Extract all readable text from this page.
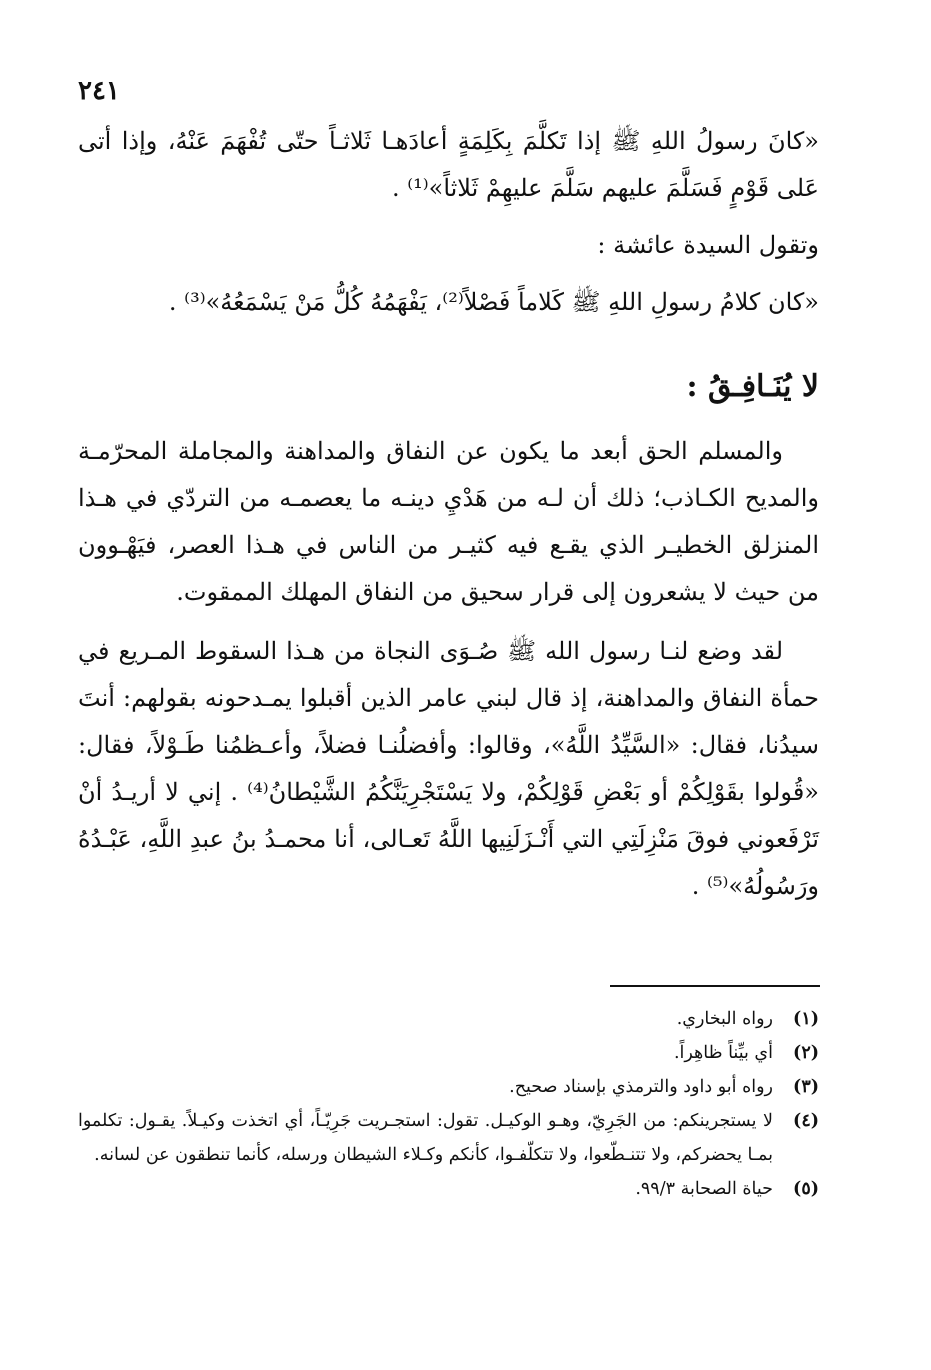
٢٤١

«كانَ رسولُ اللهِ ﷺ إذا تَكلَّمَ بِكَلِمَةٍ أعادَهـا ثَلاثـاً حتّى تُفْهَمَ عَنْهُ، وإذا أتى عَلى قَوْمٍ فَسَلَّمَ عليهم سَلَّمَ عليهِمْ ثَلاثاً»⁽¹⁾ .

وتقول السيدة عائشة :

«كان كلامُ رسولِ اللهِ ﷺ كَلاماً فَصْلاً⁽²⁾، يَفْهَمُهُ كُلُّ مَنْ يَسْمَعُهُ»⁽³⁾ .

لا يُنَـافِـقُ :

والمسلم الحق أبعد ما يكون عن النفاق والمداهنة والمجاملة المحرّمـة والمديح الكـاذب؛ ذلك أن لـه من هَدْيِ دينـه ما يعصمـه من التردّي في هـذا المنزلق الخطيـر الذي يقـع فيه كثيـر من الناس في هـذا العصر، فيَهْـوون من حيث لا يشعرون إلى قرار سحيق من النفاق المهلك الممقوت.

لقد وضع لنـا رسول الله ﷺ صُـوَى النجاة من هـذا السقوط المـريع في حمأة النفاق والمداهنة، إذ قال لبني عامر الذين أقبلوا يمـدحونه بقولهم: أنتَ سيدُنا، فقال: «السَّيِّدُ اللَّهُ»، وقالوا: وأفضلُنـا فضلاً، وأعـظمُنا طَـوْلاً، فقال: «قُولوا بقَوْلِكُمْ أو بَعْضِ قَوْلِكُمْ، ولا يَسْتَجْرِيَنَّكُمُ الشَّيْطانُ⁽⁴⁾ . إني لا أريـدُ أنْ تَرْفَعوني فوقَ مَنْزِلَتِي التي أَنْـزَلَنِيها اللَّهُ تَعـالى، أنا محمـدُ بنُ عبدِ اللَّهِ، عَبْـدُهُ ورَسُولُهُ»⁽⁵⁾ .

(١)
رواه البخاري.
(٢)
أي بيِّناً ظاهِراً.
(٣)
رواه أبو داود والترمذي بإسناد صحيح.
(٤)
لا يستجرينكم: من الجَرِيّ، وهـو الوكيـل. تقول: استجـريت جَرِيّـاً، أي اتخذت وكيـلاً. يقـول: تكلموا بمـا يحضركم، ولا تتنـطّعوا، ولا تتكلّفـوا، كأنكم وكـلاء الشيطان ورسله، كأنما تنطقون عن لسانه.
(٥)
حياة الصحابة ٩٩/٣.
